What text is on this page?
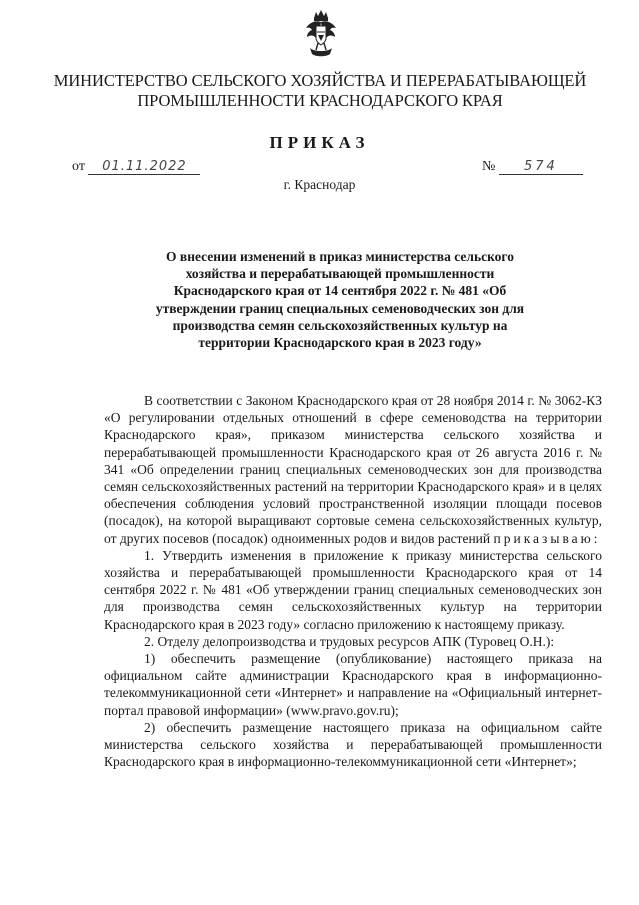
МИНИСТЕРСТВО СЕЛЬСКОГО ХОЗЯЙСТВА И ПЕРЕРАБАТЫВАЮЩЕЙ ПРОМЫШЛЕННОСТИ КРАСНОДАРСКОГО КРАЯ
ПРИКАЗ
от 01.11.2022	№ 574
г. Краснодар
О внесении изменений в приказ министерства сельского хозяйства и перерабатывающей промышленности Краснодарского края от 14 сентября 2022 г. № 481 «Об утверждении границ специальных семеноводческих зон для производства семян сельскохозяйственных культур на территории Краснодарского края в 2023 году»

В соответствии с Законом Краснодарского края от 28 ноября 2014 г. № 3062-КЗ «О регулировании отдельных отношений в сфере семеноводства на территории Краснодарского края», приказом министерства сельского хозяйства и перерабатывающей промышленности Краснодарского края от 26 августа 2016 г. № 341 «Об определении границ специальных семеноводческих зон для производства семян сельскохозяйственных растений на территории Краснодарского края» и в целях обеспечения соблюдения условий пространственной изоляции площади посевов (посадок), на которой выращивают сортовые семена сельскохозяйственных культур, от других посевов (посадок) одноименных родов и видов растений приказываю:

1. Утвердить изменения в приложение к приказу министерства сельского хозяйства и перерабатывающей промышленности Краснодарского края от 14 сентября 2022 г. № 481 «Об утверждении границ специальных семеноводческих зон для производства семян сельскохозяйственных культур на территории Краснодарского края в 2023 году» согласно приложению к настоящему приказу.

2. Отделу делопроизводства и трудовых ресурсов АПК (Туровец О.Н.):

1) обеспечить размещение (опубликование) настоящего приказа на официальном сайте администрации Краснодарского края в информационно-телекоммуникационной сети «Интернет» и направление на «Официальный интернет-портал правовой информации» (www.pravo.gov.ru);

2) обеспечить размещение настоящего приказа на официальном сайте министерства сельского хозяйства и перерабатывающей промышленности Краснодарского края в информационно-телекоммуникационной сети «Интернет»;
